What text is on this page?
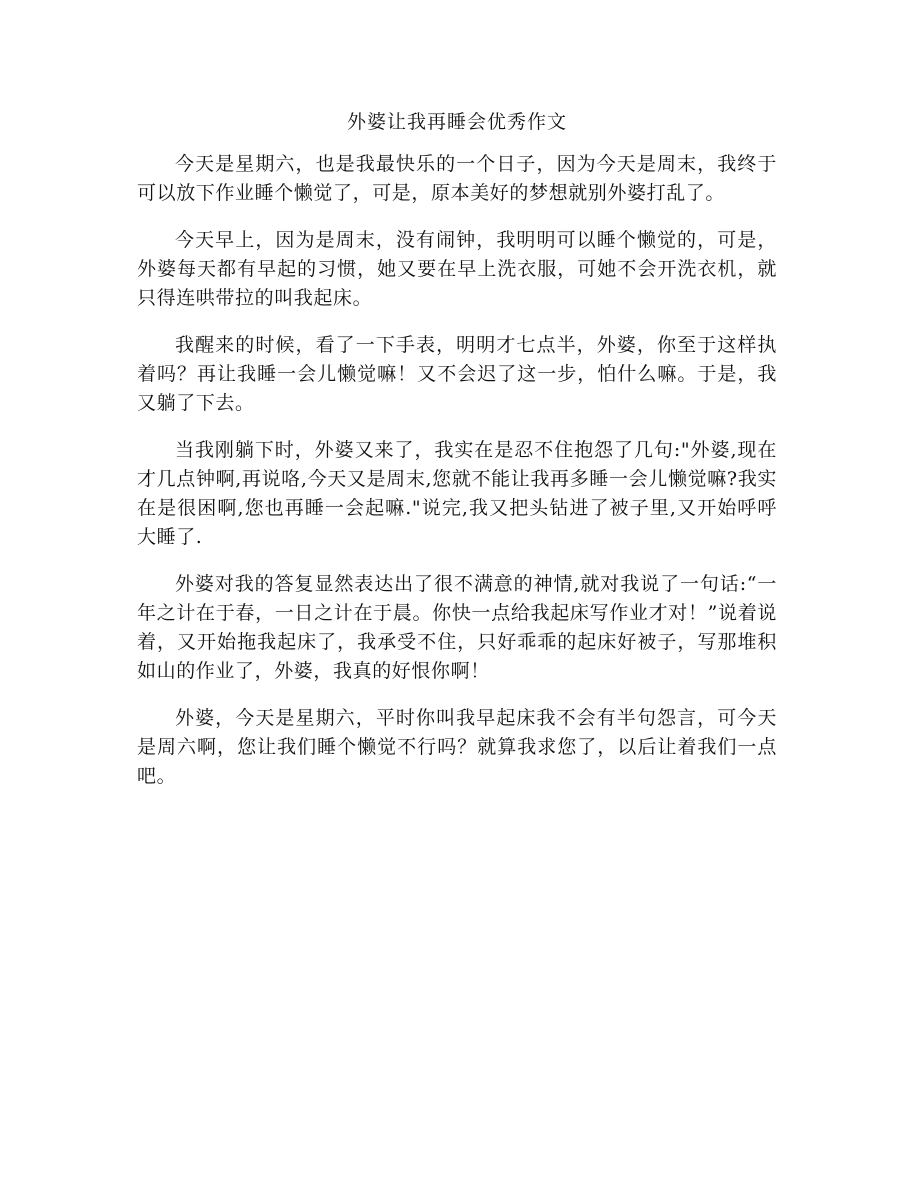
外婆让我再睡会优秀作文

今天是星期六，也是我最快乐的一个日子，因为今天是周末，我终于可以放下作业睡个懒觉了，可是，原本美好的梦想就别外婆打乱了。

今天早上，因为是周末，没有闹钟，我明明可以睡个懒觉的，可是，外婆每天都有早起的习惯，她又要在早上洗衣服，可她不会开洗衣机，就只得连哄带拉的叫我起床。

我醒来的时候，看了一下手表，明明才七点半，外婆，你至于这样执着吗？再让我睡一会儿懒觉嘛！又不会迟了这一步，怕什么嘛。于是，我又躺了下去。

当我刚躺下时，外婆又来了，我实在是忍不住抱怨了几句:"外婆,现在才几点钟啊,再说咯,今天又是周末,您就不能让我再多睡一会儿懒觉嘛?我实在是很困啊,您也再睡一会起嘛."说完,我又把头钻进了被子里,又开始呼呼大睡了.

外婆对我的答复显然表达出了很不满意的神情,就对我说了一句话:“一年之计在于春，一日之计在于晨。你快一点给我起床写作业才对！”说着说着，又开始拖我起床了，我承受不住，只好乖乖的起床好被子，写那堆积如山的作业了，外婆，我真的好恨你啊！

外婆，今天是星期六，平时你叫我早起床我不会有半句怨言，可今天是周六啊，您让我们睡个懒觉不行吗？就算我求您了，以后让着我们一点吧。
